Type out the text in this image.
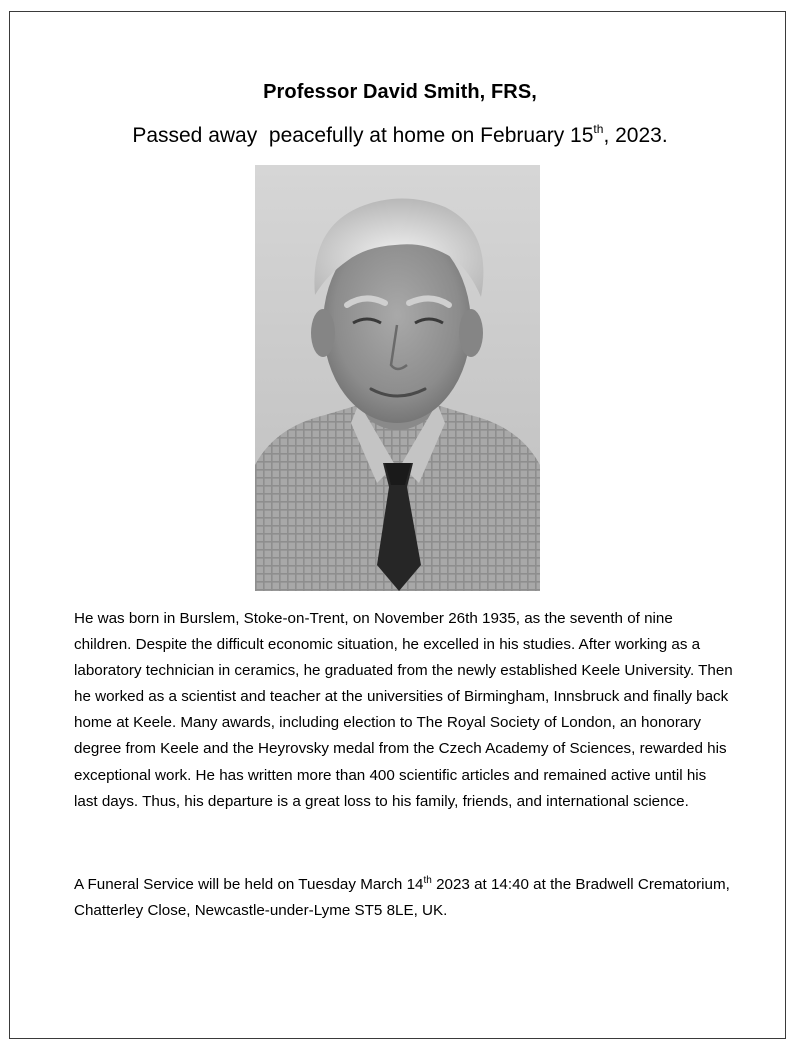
Professor David Smith, FRS,
Passed away  peacefully at home on February 15th, 2023.

He was born in Burslem, Stoke-on-Trent, on November 26th 1935, as the seventh of nine children. Despite the difficult economic situation, he excelled in his studies. After working as a laboratory technician in ceramics, he graduated from the newly established Keele University. Then he worked as a scientist and teacher at the universities of Birmingham, Innsbruck and finally back home at Keele. Many awards, including election to The Royal Society of London, an honorary degree from Keele and the Heyrovsky medal from the Czech Academy of Sciences, rewarded his exceptional work. He has written more than 400 scientific articles and remained active until his last days. Thus, his departure is a great loss to his family, friends, and international science.

A Funeral Service will be held on Tuesday March 14th 2023 at 14:40 at the Bradwell Crematorium, Chatterley Close, Newcastle-under-Lyme ST5 8LE, UK.
